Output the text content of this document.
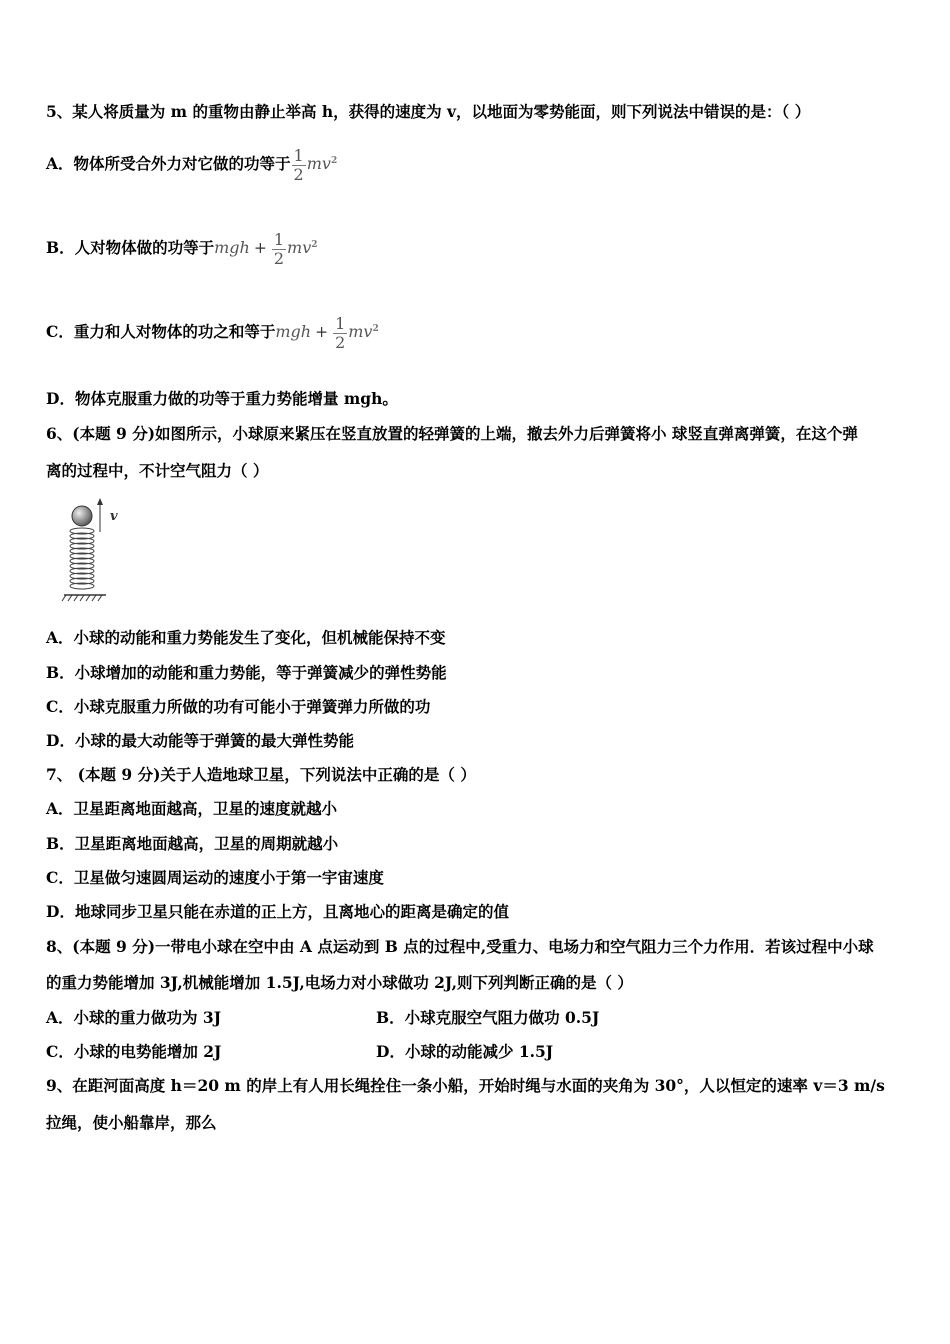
5、某人将质量为 m 的重物由静止举高 h，获得的速度为 v，以地面为零势能面，则下列说法中错误的是：（ ）
A．物体所受合外力对它做的功等于 $\frac{1}{2} mv^2$
B．人对物体做的功等于mgh + $\frac{1}{2} mv^2$
C．重力和人对物体的功之和等于mgh + $\frac{1}{2} mv^2$
D．物体克服重力做的功等于重力势能增量 mgh。
6、(本题 9 分)如图所示，小球原来紧压在竖直放置的轻弹簧的上端，撤去外力后弹簧将小 球竖直弹离弹簧，在这个弹
离的过程中，不计空气阻力（ ）
v
A．小球的动能和重力势能发生了变化，但机械能保持不变
B．小球增加的动能和重力势能，等于弹簧减少的弹性势能
C．小球克服重力所做的功有可能小于弹簧弹力所做的功
D．小球的最大动能等于弹簧的最大弹性势能
7、 (本题 9 分)关于人造地球卫星，下列说法中正确的是（ ）
A．卫星距离地面越高，卫星的速度就越小
B．卫星距离地面越高，卫星的周期就越小
C．卫星做匀速圆周运动的速度小于第一宇宙速度
D．地球同步卫星只能在赤道的正上方，且离地心的距离是确定的值
8、(本题 9 分)一带电小球在空中由 A 点运动到 B 点的过程中,受重力、电场力和空气阻力三个力作用．若该过程中小球
的重力势能增加 3J,机械能增加 1.5J,电场力对小球做功 2J,则下列判断正确的是（ ）
A．小球的重力做功为 3J	B．小球克服空气阻力做功 0.5J
C．小球的电势能增加 2J	D．小球的动能减少 1.5J
9、在距河面高度 h＝20 m 的岸上有人用长绳拴住一条小船，开始时绳与水面的夹角为 30°，人以恒定的速率 v＝3 m/s
拉绳，使小船靠岸，那么
